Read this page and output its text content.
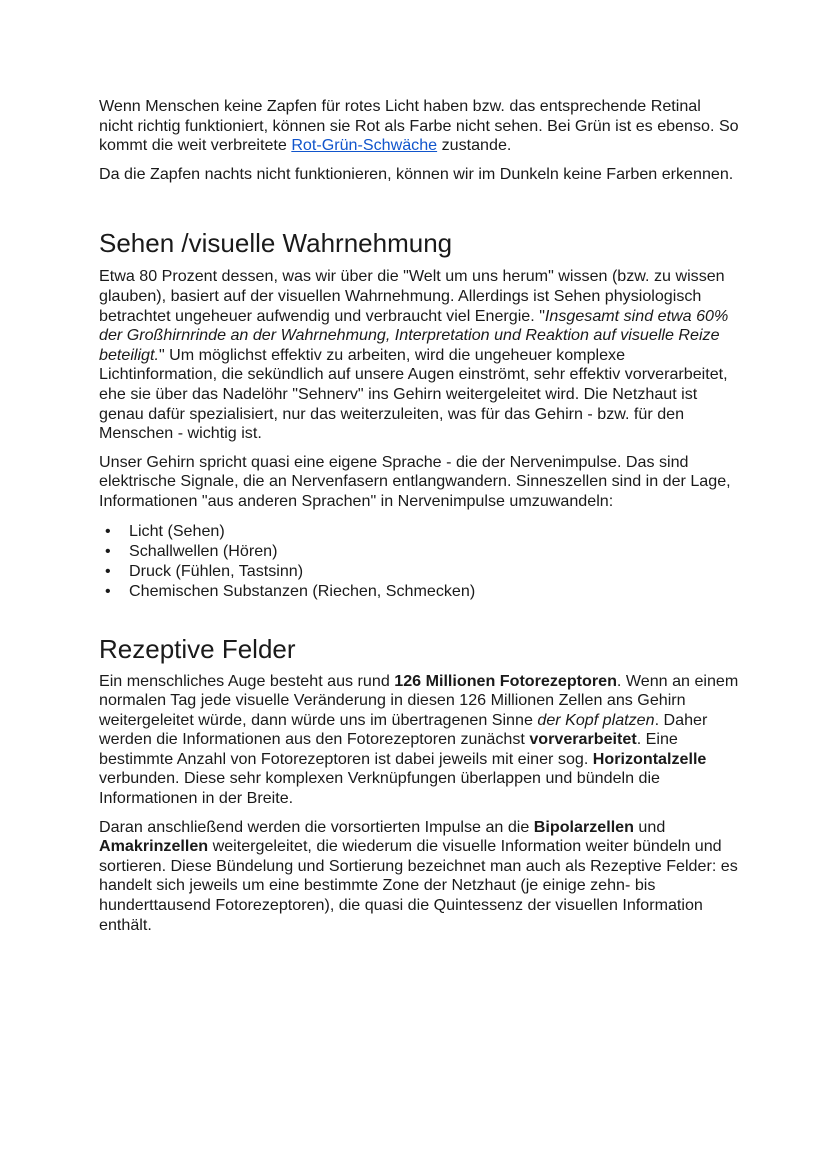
Wenn Menschen keine Zapfen für rotes Licht haben bzw. das entsprechende Retinal nicht richtig funktioniert, können sie Rot als Farbe nicht sehen. Bei Grün ist es ebenso. So kommt die weit verbreitete Rot-Grün-Schwäche zustande.

Da die Zapfen nachts nicht funktionieren, können wir im Dunkeln keine Farben erkennen.

Sehen /visuelle Wahrnehmung

Etwa 80 Prozent dessen, was wir über die "Welt um uns herum" wissen (bzw. zu wissen glauben), basiert auf der visuellen Wahrnehmung. Allerdings ist Sehen physiologisch betrachtet ungeheuer aufwendig und verbraucht viel Energie. "Insgesamt sind etwa 60% der Großhirnrinde an der Wahrnehmung, Interpretation und Reaktion auf visuelle Reize beteiligt." Um möglichst effektiv zu arbeiten, wird die ungeheuer komplexe Lichtinformation, die sekündlich auf unsere Augen einströmt, sehr effektiv vorverarbeitet, ehe sie über das Nadelöhr "Sehnerv" ins Gehirn weitergeleitet wird. Die Netzhaut ist genau dafür spezialisiert, nur das weiterzuleiten, was für das Gehirn - bzw. für den Menschen - wichtig ist.

Unser Gehirn spricht quasi eine eigene Sprache - die der Nervenimpulse. Das sind elektrische Signale, die an Nervenfasern entlangwandern. Sinneszellen sind in der Lage, Informationen "aus anderen Sprachen" in Nervenimpulse umzuwandeln:

• Licht (Sehen)
• Schallwellen (Hören)
• Druck (Fühlen, Tastsinn)
• Chemischen Substanzen (Riechen, Schmecken)
Rezeptive Felder

Ein menschliches Auge besteht aus rund 126 Millionen Fotorezeptoren. Wenn an einem normalen Tag jede visuelle Veränderung in diesen 126 Millionen Zellen ans Gehirn weitergeleitet würde, dann würde uns im übertragenen Sinne der Kopf platzen. Daher werden die Informationen aus den Fotorezeptoren zunächst vorverarbeitet. Eine bestimmte Anzahl von Fotorezeptoren ist dabei jeweils mit einer sog. Horizontalzelle verbunden. Diese sehr komplexen Verknüpfungen überlappen und bündeln die Informationen in der Breite.

Daran anschließend werden die vorsortierten Impulse an die Bipolarzellen und Amakrinzellen weitergeleitet, die wiederum die visuelle Information weiter bündeln und sortieren. Diese Bündelung und Sortierung bezeichnet man auch als Rezeptive Felder: es handelt sich jeweils um eine bestimmte Zone der Netzhaut (je einige zehn- bis hunderttausend Fotorezeptoren), die quasi die Quintessenz der visuellen Information enthält.
